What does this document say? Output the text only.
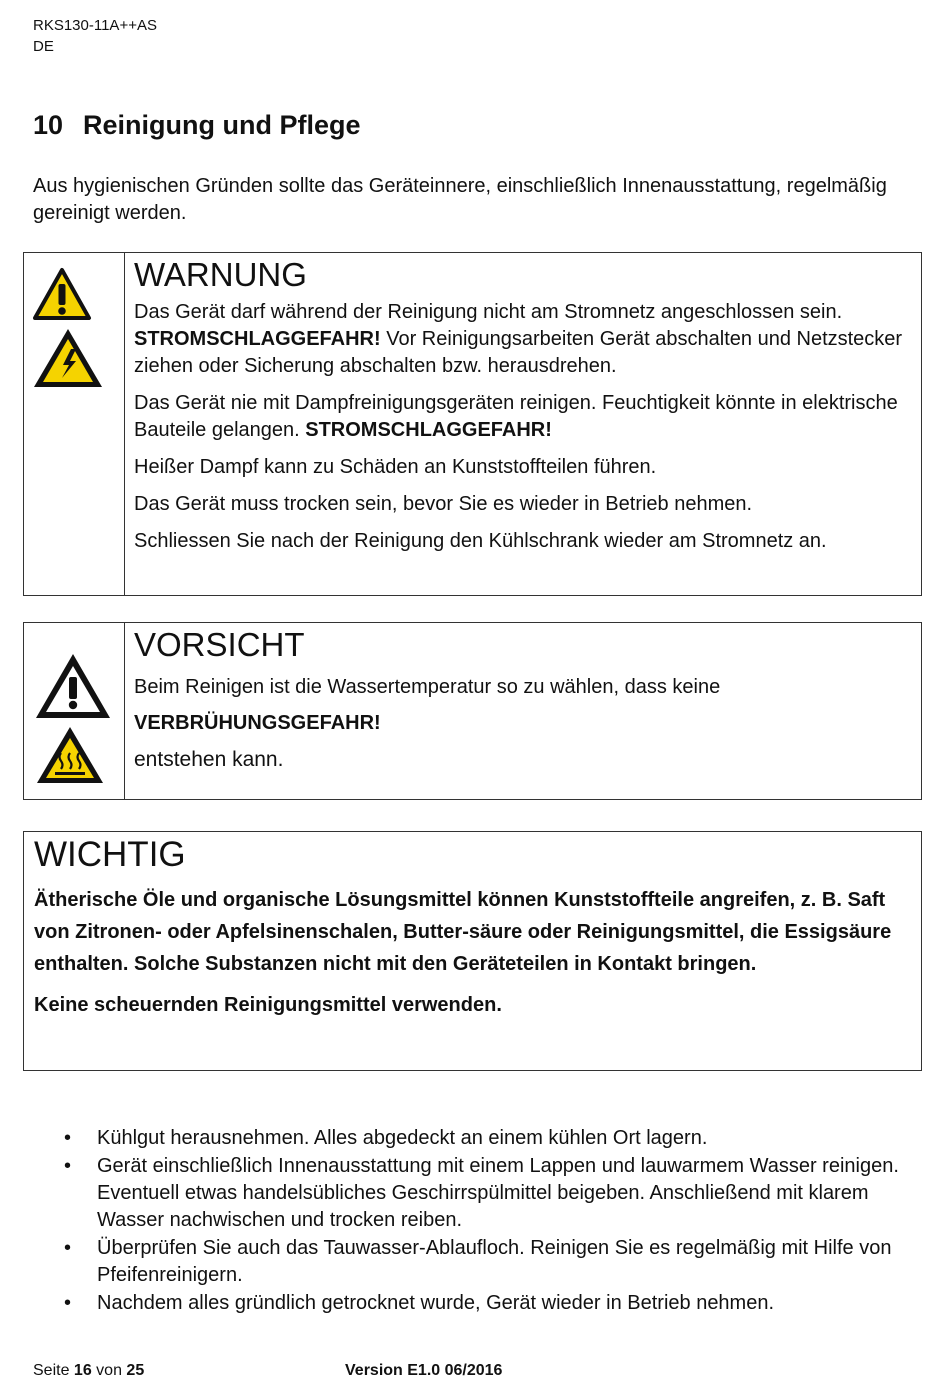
RKS130-11A++AS
DE
10 Reinigung und Pflege
Aus hygienischen Gründen sollte das Geräteinnere, einschließlich Innenausstattung, regelmäßig gereinigt werden.
WARNUNG

Das Gerät darf während der Reinigung nicht am Stromnetz angeschlossen sein. STROMSCHLAGGEFAHR! Vor Reinigungsarbeiten Gerät abschalten und Netzstecker ziehen oder Sicherung abschalten bzw. herausdrehen.

Das Gerät nie mit Dampfreinigungsgeräten reinigen. Feuchtigkeit könnte in elektrische Bauteile gelangen. STROMSCHLAGGEFAHR!

Heißer Dampf kann zu Schäden an Kunststoffteilen führen.

Das Gerät muss trocken sein, bevor Sie es wieder in Betrieb nehmen.

Schliessen Sie nach der Reinigung den Kühlschrank wieder am Stromnetz an.

VORSICHT

Beim Reinigen ist die Wassertemperatur so zu wählen, dass keine

VERBRÜHUNGSGEFAHR!

entstehen kann.

WICHTIG

Ätherische Öle und organische Lösungsmittel können Kunststoffteile angreifen, z. B. Saft von Zitronen- oder Apfelsinenschalen, Butter-säure oder Reinigungsmittel, die Essigsäure enthalten. Solche Substanzen nicht mit den Geräteteilen in Kontakt bringen.

Keine scheuernden Reinigungsmittel verwenden.

• Kühlgut herausnehmen. Alles abgedeckt an einem kühlen Ort lagern.
• Gerät einschließlich Innenausstattung mit einem Lappen und lauwarmem Wasser reinigen. Eventuell etwas handelsübliches Geschirrspülmittel beigeben. Anschließend mit klarem Wasser nachwischen und trocken reiben.
• Überprüfen Sie auch das Tauwasser-Ablaufloch. Reinigen Sie es regelmäßig mit Hilfe von Pfeifenreinigern.
• Nachdem alles gründlich getrocknet wurde, Gerät wieder in Betrieb nehmen.
Seite 16 von 25	Version E1.0 06/2016
